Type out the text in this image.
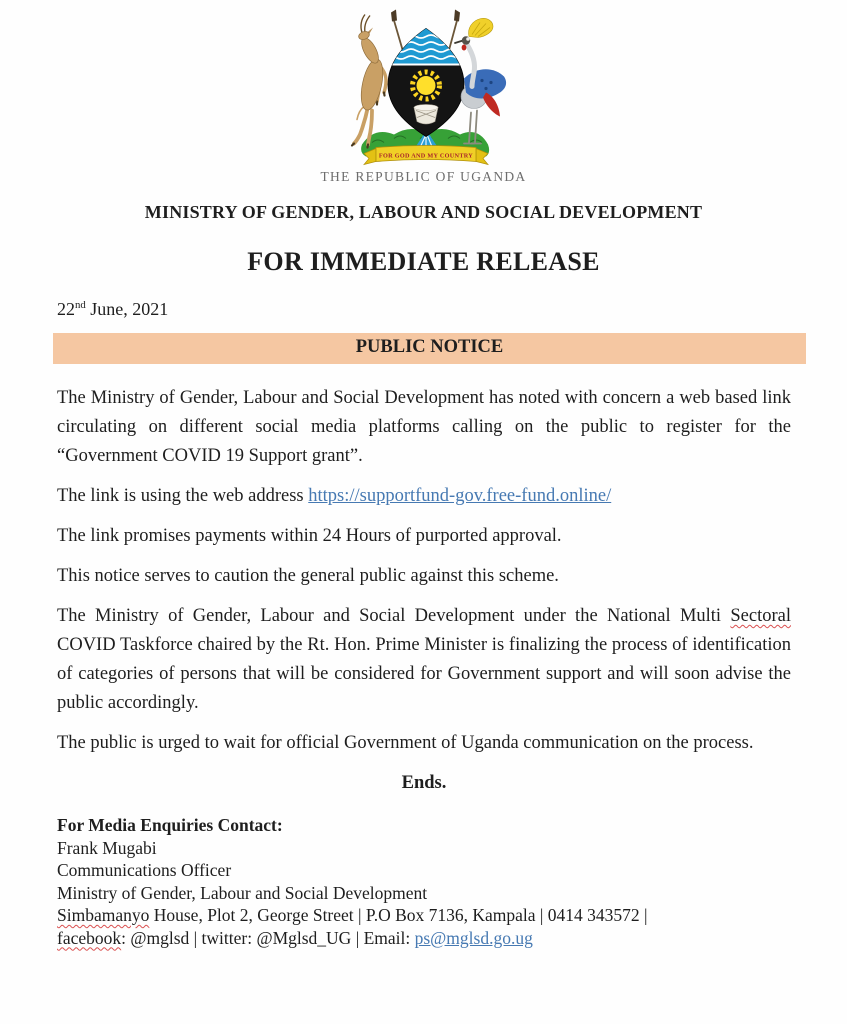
FOR GOD AND MY COUNTRY
THE REPUBLIC OF UGANDA
MINISTRY OF GENDER, LABOUR AND SOCIAL DEVELOPMENT
FOR IMMEDIATE RELEASE
22nd June, 2021
PUBLIC NOTICE

The Ministry of Gender, Labour and Social Development has noted with concern a web based link circulating on different social media platforms calling on the public to register for the “Government COVID 19 Support grant”.

The link is using the web address https://supportfund-gov.free-fund.online/

The link promises payments within 24 Hours of purported approval.

This notice serves to caution the general public against this scheme.

The Ministry of Gender, Labour and Social Development under the National Multi Sectoral COVID Taskforce chaired by the Rt. Hon. Prime Minister is finalizing the process of identification of categories of persons that will be considered for Government support and will soon advise the public accordingly.

The public is urged to wait for official Government of Uganda communication on the process.

Ends.

For Media Enquiries Contact:
Frank Mugabi
Communications Officer
Ministry of Gender, Labour and Social Development
Simbamanyo House, Plot 2, George Street | P.O Box 7136, Kampala | 0414 343572 |
facebook: @mglsd | twitter: @Mglsd_UG | Email: ps@mglsd.go.ug
